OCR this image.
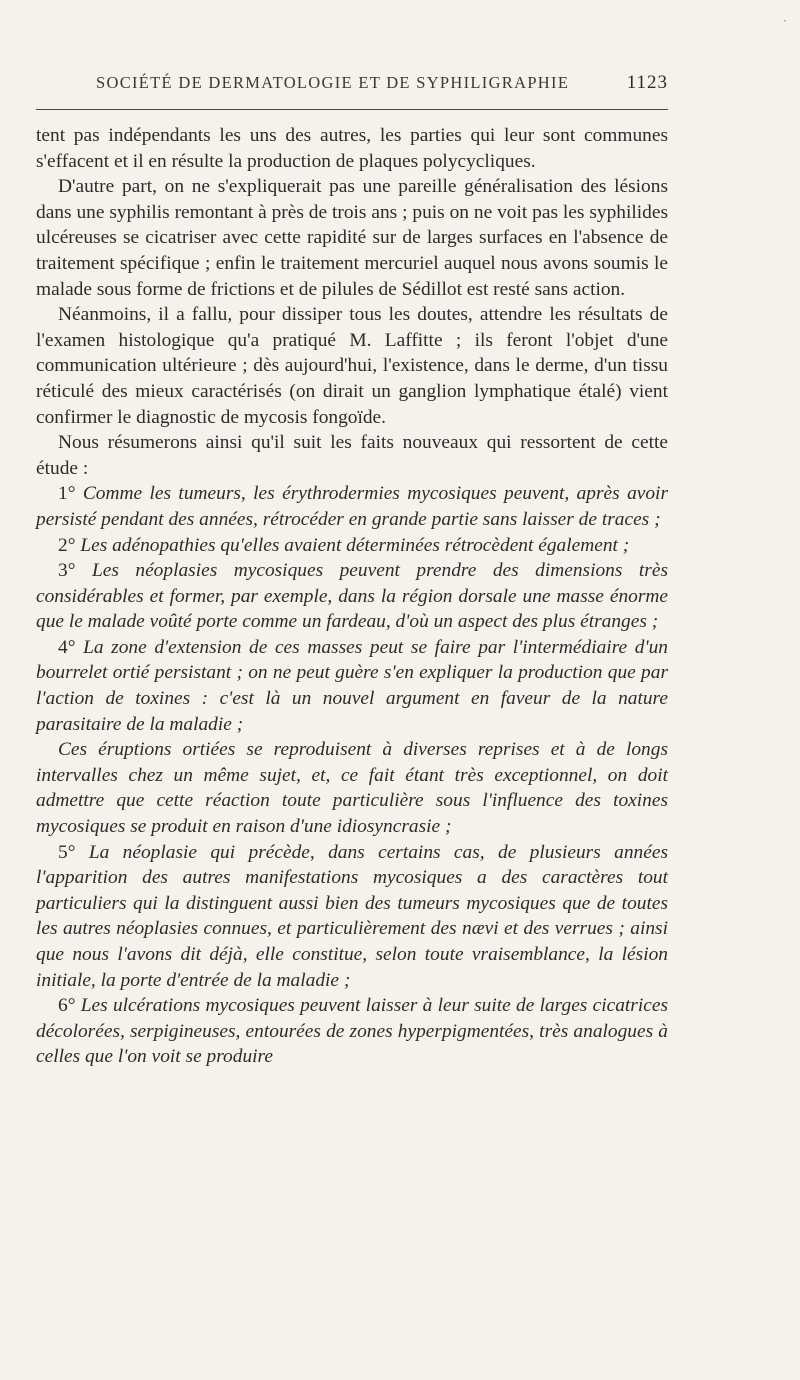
·
SOCIÉTÉ DE DERMATOLOGIE ET DE SYPHILIGRAPHIE	1123

tent pas indépendants les uns des autres, les parties qui leur sont communes s'effacent et il en résulte la production de plaques polycycliques.

D'autre part, on ne s'expliquerait pas une pareille généralisation des lésions dans une syphilis remontant à près de trois ans ; puis on ne voit pas les syphilides ulcéreuses se cicatriser avec cette rapidité sur de larges surfaces en l'absence de traitement spécifique ; enfin le traitement mercuriel auquel nous avons soumis le malade sous forme de frictions et de pilules de Sédillot est resté sans action.

Néanmoins, il a fallu, pour dissiper tous les doutes, attendre les résultats de l'examen histologique qu'a pratiqué M. Laffitte ; ils feront l'objet d'une communication ultérieure ; dès aujourd'hui, l'existence, dans le derme, d'un tissu réticulé des mieux caractérisés (on dirait un ganglion lymphatique étalé) vient confirmer le diagnostic de mycosis fongoïde.

Nous résumerons ainsi qu'il suit les faits nouveaux qui ressortent de cette étude :

1° Comme les tumeurs, les érythrodermies mycosiques peuvent, après avoir persisté pendant des années, rétrocéder en grande partie sans laisser de traces ;

2° Les adénopathies qu'elles avaient déterminées rétrocèdent également ;

3° Les néoplasies mycosiques peuvent prendre des dimensions très considérables et former, par exemple, dans la région dorsale une masse énorme que le malade voûté porte comme un fardeau, d'où un aspect des plus étranges ;

4° La zone d'extension de ces masses peut se faire par l'intermédiaire d'un bourrelet ortié persistant ; on ne peut guère s'en expliquer la production que par l'action de toxines : c'est là un nouvel argument en faveur de la nature parasitaire de la maladie ;

Ces éruptions ortiées se reproduisent à diverses reprises et à de longs intervalles chez un même sujet, et, ce fait étant très exceptionnel, on doit admettre que cette réaction toute particulière sous l'influence des toxines mycosiques se produit en raison d'une idiosyncrasie ;

5° La néoplasie qui précède, dans certains cas, de plusieurs années l'apparition des autres manifestations mycosiques a des caractères tout particuliers qui la distinguent aussi bien des tumeurs mycosiques que de toutes les autres néoplasies connues, et particulièrement des nævi et des verrues ; ainsi que nous l'avons dit déjà, elle constitue, selon toute vraisemblance, la lésion initiale, la porte d'entrée de la maladie ;

6° Les ulcérations mycosiques peuvent laisser à leur suite de larges cicatrices décolorées, serpigineuses, entourées de zones hyperpigmentées, très analogues à celles que l'on voit se produire
